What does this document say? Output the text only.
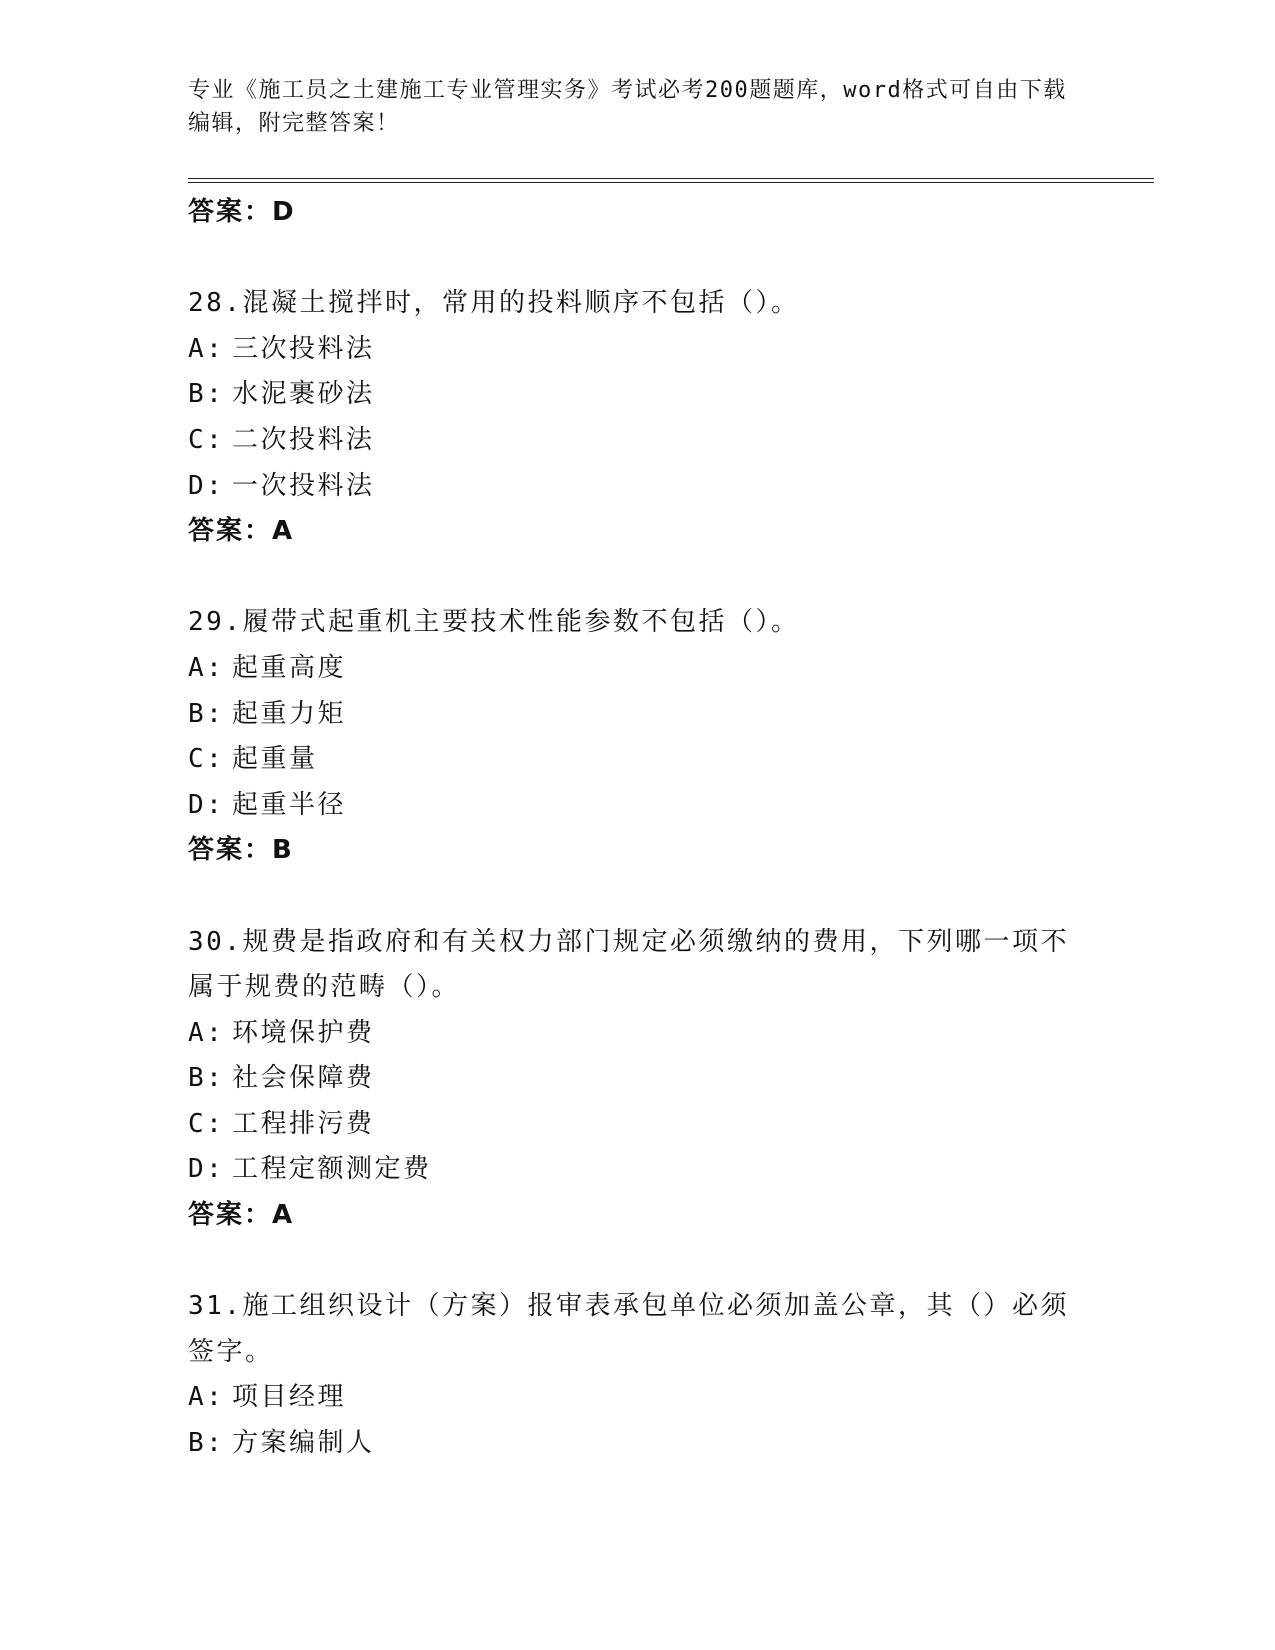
专业《施工员之土建施工专业管理实务》考试必考200题题库，word格式可自由下载编辑，附完整答案！
答案：D
28.混凝土搅拌时，常用的投料顺序不包括（）。
A: 三次投料法
B: 水泥裹砂法
C: 二次投料法
D: 一次投料法
答案：A
29.履带式起重机主要技术性能参数不包括（）。
A: 起重高度
B: 起重力矩
C: 起重量
D: 起重半径
答案：B
30.规费是指政府和有关权力部门规定必须缴纳的费用，下列哪一项不属于规费的范畴（）。
A: 环境保护费
B: 社会保障费
C: 工程排污费
D: 工程定额测定费
答案：A
31.施工组织设计（方案）报审表承包单位必须加盖公章，其（）必须签字。
A: 项目经理
B: 方案编制人
